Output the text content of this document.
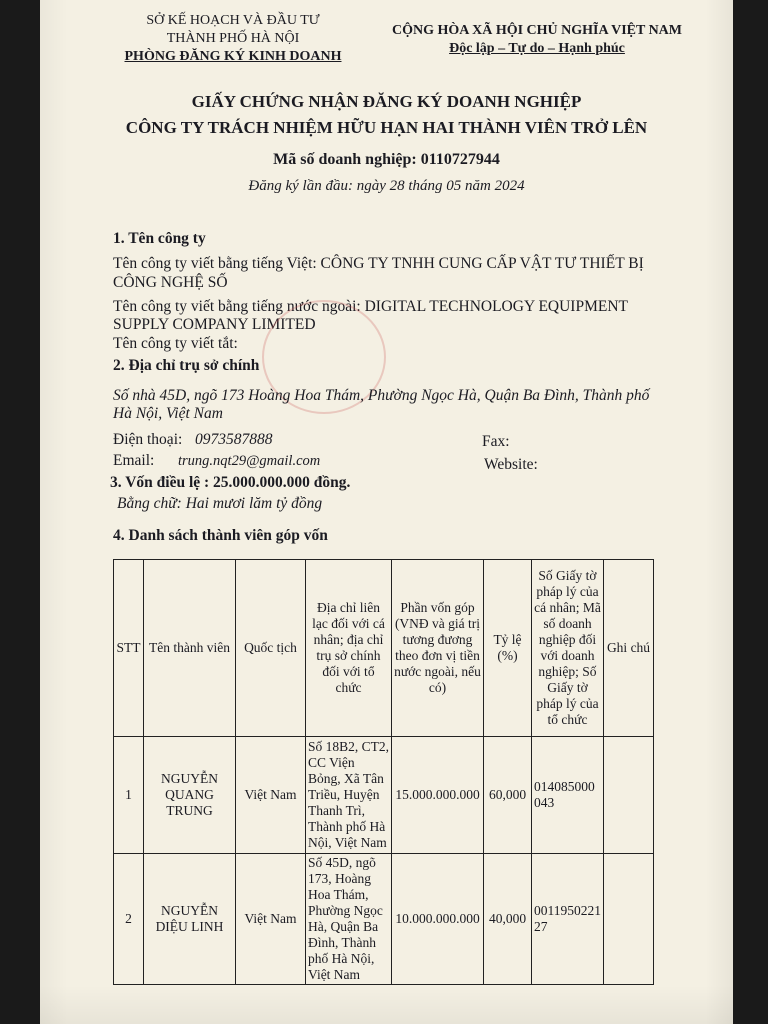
SỞ KẾ HOẠCH VÀ ĐẦU TƯ
THÀNH PHỐ HÀ NỘI
PHÒNG ĐĂNG KÝ KINH DOANH
CỘNG HÒA XÃ HỘI CHỦ NGHĨA VIỆT NAM
Độc lập – Tự do – Hạnh phúc
GIẤY CHỨNG NHẬN ĐĂNG KÝ DOANH NGHIỆP
CÔNG TY TRÁCH NHIỆM HỮU HẠN HAI THÀNH VIÊN TRỞ LÊN
Mã số doanh nghiệp: 0110727944
Đăng ký lần đầu: ngày 28 tháng 05 năm 2024
1. Tên công ty
Tên công ty viết bằng tiếng Việt: CÔNG TY TNHH CUNG CẤP VẬT TƯ THIẾT BỊ
CÔNG NGHỆ SỐ
Tên công ty viết bằng tiếng nước ngoài: DIGITAL TECHNOLOGY EQUIPMENT
SUPPLY COMPANY LIMITED
Tên công ty viết tắt:
2. Địa chỉ trụ sở chính
Số nhà 45D, ngõ 173 Hoàng Hoa Thám, Phường Ngọc Hà, Quận Ba Đình, Thành phố
Hà Nội, Việt Nam
Điện thoại: 0973587888	Fax:
Email: trung.nqt29@gmail.com	Website:
3. Vốn điều lệ : 25.000.000.000 đồng.
Bằng chữ: Hai mươi lăm tỷ đồng
4. Danh sách thành viên góp vốn
STT	Tên thành viên	Quốc tịch	Địa chỉ liên lạc đối với cá nhân; địa chỉ trụ sở chính đối với tổ chức	Phần vốn góp (VNĐ và giá trị tương đương theo đơn vị tiền nước ngoài, nếu có)	Tỷ lệ (%)	Số Giấy tờ pháp lý của cá nhân; Mã số doanh nghiệp đối với doanh nghiệp; Số Giấy tờ pháp lý của tổ chức	Ghi chú
1	NGUYỄN QUANG TRUNG	Việt Nam	Số 18B2, CT2, CC Viện Bỏng, Xã Tân Triều, Huyện Thanh Trì, Thành phố Hà Nội, Việt Nam	15.000.000.000	60,000	014085000043	
2	NGUYỄN DIỆU LINH	Việt Nam	Số 45D, ngõ 173, Hoàng Hoa Thám, Phường Ngọc Hà, Quận Ba Đình, Thành phố Hà Nội, Việt Nam	10.000.000.000	40,000	001195022127	
